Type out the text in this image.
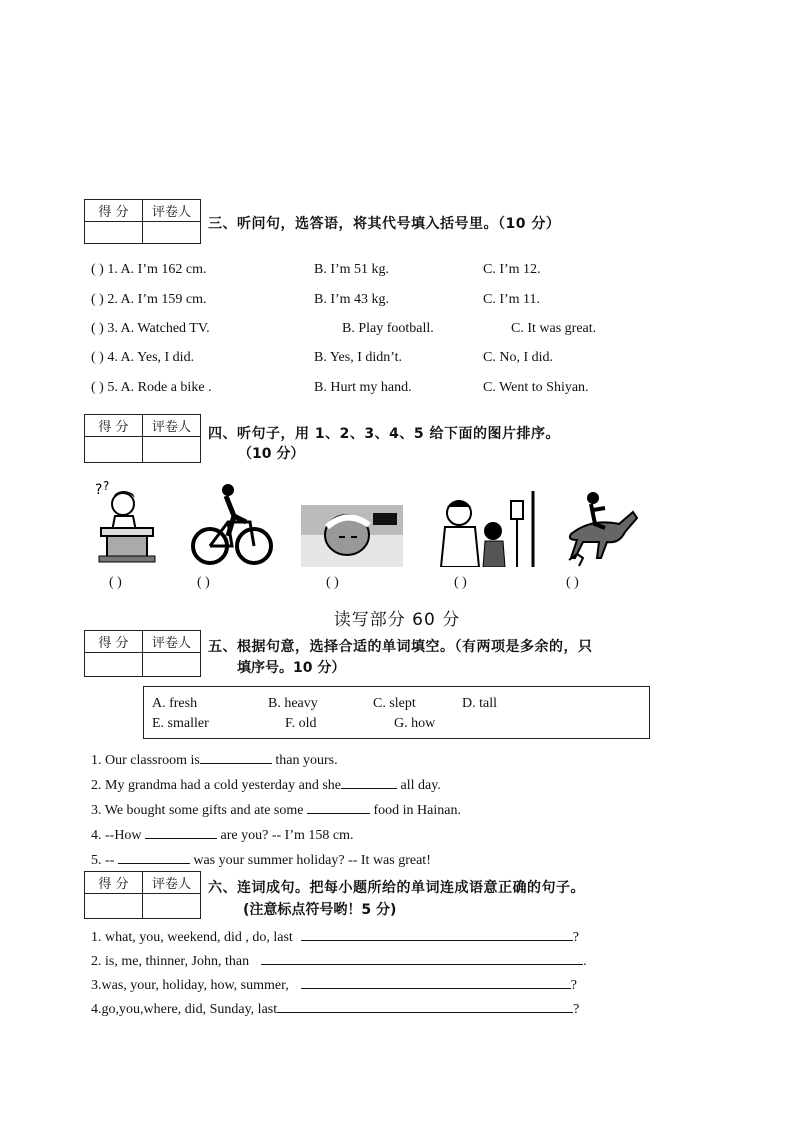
得 分	评卷人

三、听问句，选答语，将其代号填入括号里。（10 分）
( ) 1. A. I’m 162 cm.	B. I’m 51 kg.	C. I’m 12.
( ) 2. A. I’m 159 cm.	B. I’m 43 kg.	C. I’m 11.
( ) 3. A. Watched TV.	B. Play football.	C. It was great.
( ) 4. A. Yes, I did.	B. Yes, I didn’t.	C. No, I did.
( ) 5. A. Rode a bike .	B. Hurt my hand.	C. Went to Shiyan.
得 分	评卷人
	四、听句子，用 1、2、3、4、5 给下面的图片排序。
（10 分）
? ?
( )	( )	( )	( )	( )
读写部分 60 分
得 分	评卷人
	五、根据句意，选择合适的单词填空。（有两项是多余的，只
填序号。10 分）
A. fresh	B. heavy	C. slept	D. tall
E. smaller	F. old	G. how
1. Our classroom is	than yours.
2. My grandma had a cold yesterday and she	all day.
3. We bought some gifts and ate some	food in Hainan.
4. --How	are you? -- I’m 158 cm.
5. --	was your summer holiday? -- It was great!
得 分	评卷人
	六、连词成句。把每小题所给的单词连成语意正确的句子。
(注意标点符号哟！5 分)
1. what, you, weekend, did , do, last	?
2. is, me, thinner, John, than	.
3.was, your, holiday, how, summer,	?
4.go,you,where, did, Sunday, last	?
